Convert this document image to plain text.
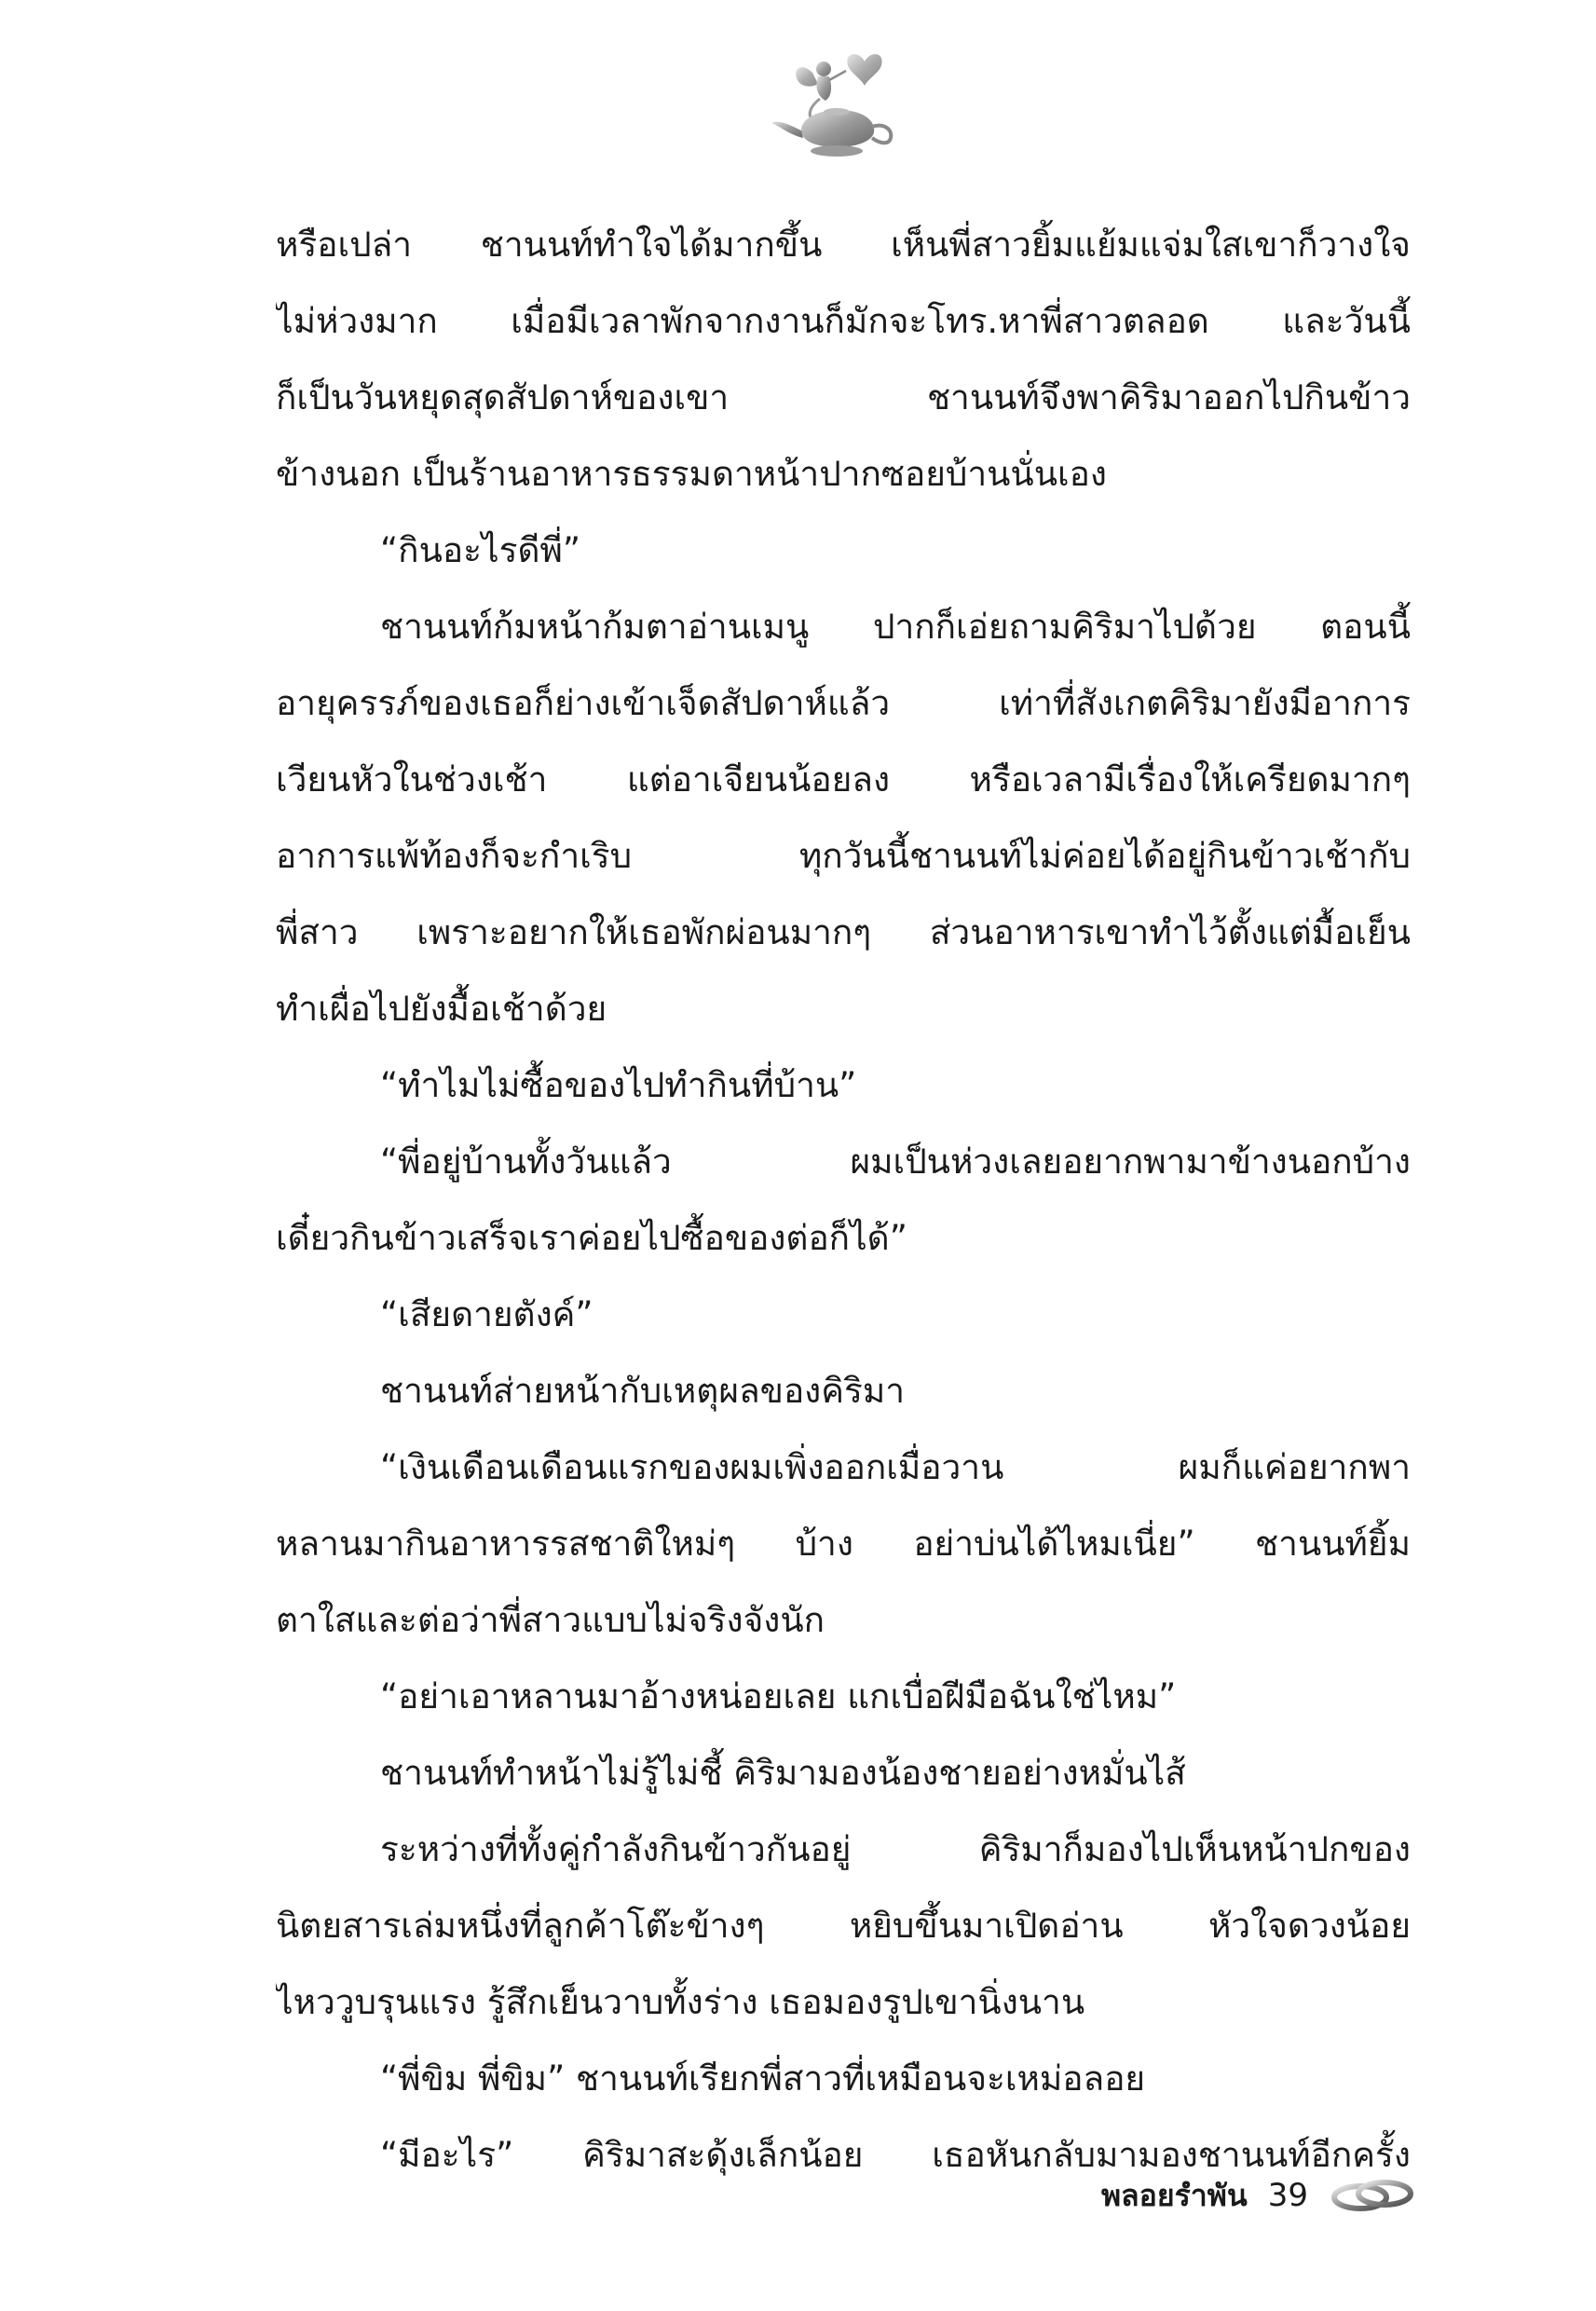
หรือเปล่า ชานนท์ทำใจได้มากขึ้น เห็นพี่สาวยิ้มแย้มแจ่มใสเขาก็วางใจ
ไม่ห่วงมาก เมื่อมีเวลาพักจากงานก็มักจะโทร.หาพี่สาวตลอด และวันนี้
ก็เป็นวันหยุดสุดสัปดาห์ของเขา ชานนท์จึงพาคิริมาออกไปกินข้าว
ข้างนอก เป็นร้านอาหารธรรมดาหน้าปากซอยบ้านนั่นเอง
“กินอะไรดีพี่”
ชานนท์ก้มหน้าก้มตาอ่านเมนู ปากก็เอ่ยถามคิริมาไปด้วย ตอนนี้
อายุครรภ์ของเธอก็ย่างเข้าเจ็ดสัปดาห์แล้ว เท่าที่สังเกตคิริมายังมีอาการ
เวียนหัวในช่วงเช้า แต่อาเจียนน้อยลง หรือเวลามีเรื่องให้เครียดมากๆ
อาการแพ้ท้องก็จะกำเริบ ทุกวันนี้ชานนท์ไม่ค่อยได้อยู่กินข้าวเช้ากับ
พี่สาว เพราะอยากให้เธอพักผ่อนมากๆ ส่วนอาหารเขาทำไว้ตั้งแต่มื้อเย็น
ทำเผื่อไปยังมื้อเช้าด้วย
“ทำไมไม่ซื้อของไปทำกินที่บ้าน”
“พี่อยู่บ้านทั้งวันแล้ว ผมเป็นห่วงเลยอยากพามาข้างนอกบ้าง
เดี๋ยวกินข้าวเสร็จเราค่อยไปซื้อของต่อก็ได้”
“เสียดายตังค์”
ชานนท์ส่ายหน้ากับเหตุผลของคิริมา
“เงินเดือนเดือนแรกของผมเพิ่งออกเมื่อวาน ผมก็แค่อยากพา
หลานมากินอาหารรสชาติใหม่ๆ บ้าง อย่าบ่นได้ไหมเนี่ย” ชานนท์ยิ้ม
ตาใสและต่อว่าพี่สาวแบบไม่จริงจังนัก
“อย่าเอาหลานมาอ้างหน่อยเลย แกเบื่อฝีมือฉันใช่ไหม”
ชานนท์ทำหน้าไม่รู้ไม่ชี้ คิริมามองน้องชายอย่างหมั่นไส้
ระหว่างที่ทั้งคู่กำลังกินข้าวกันอยู่ คิริมาก็มองไปเห็นหน้าปกของ
นิตยสารเล่มหนึ่งที่ลูกค้าโต๊ะข้างๆ หยิบขึ้นมาเปิดอ่าน หัวใจดวงน้อย
ไหววูบรุนแรง รู้สึกเย็นวาบทั้งร่าง เธอมองรูปเขานิ่งนาน
“พี่ขิม พี่ขิม” ชานนท์เรียกพี่สาวที่เหมือนจะเหม่อลอย
“มีอะไร” คิริมาสะดุ้งเล็กน้อย เธอหันกลับมามองชานนท์อีกครั้ง
พลอยรำพัน 39
